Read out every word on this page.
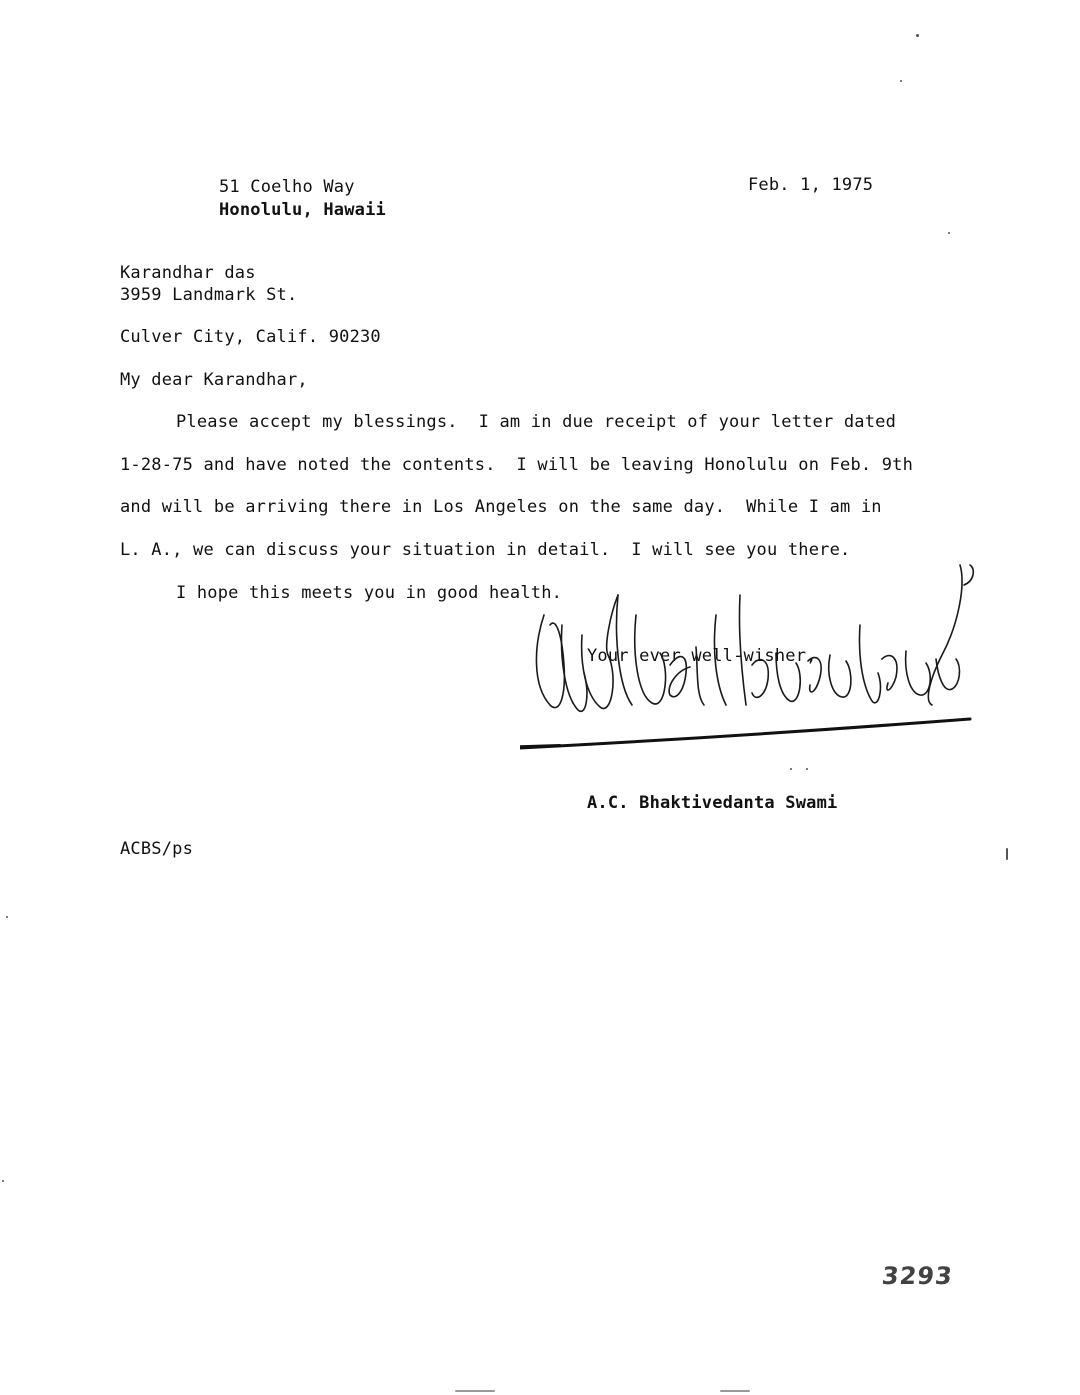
51 Coelho Way
Honolulu, Hawaii
Feb. 1, 1975
Karandhar das
3959 Landmark St.
Culver City, Calif. 90230
My dear Karandhar,
Please accept my blessings.  I am in due receipt of your letter dated
1-28-75 and have noted the contents.  I will be leaving Honolulu on Feb. 9th
and will be arriving there in Los Angeles on the same day.  While I am in
L. A., we can discuss your situation in detail.  I will see you there.
I hope this meets you in good health.
Your ever well-wisher,
A.C. Bhaktivedanta Swami
ACBS/ps
3293
